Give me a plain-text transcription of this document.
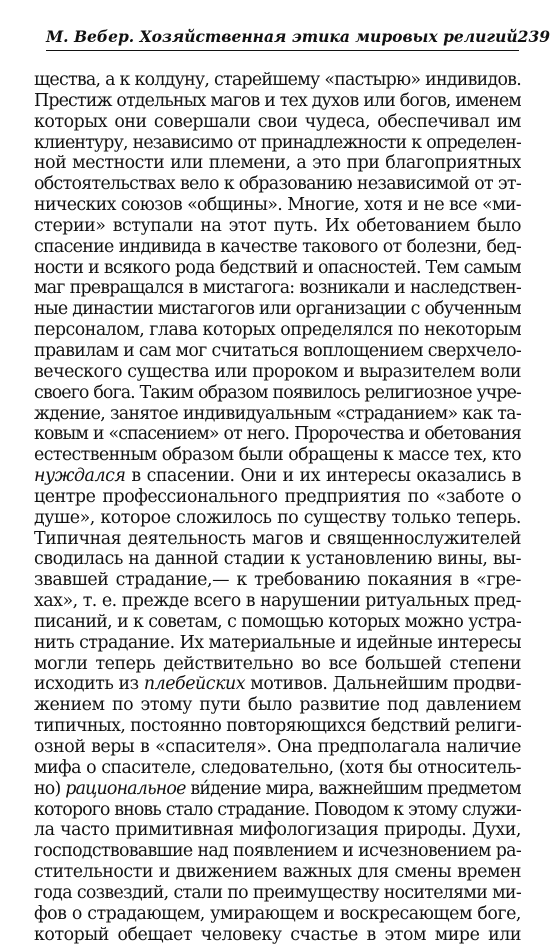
М. Вебер. Хозяйственная этика мировых религий 239
щества, а к колдуну, старейшему «пастырю» индивидов.
Престиж отдельных магов и тех духов или богов, именем
которых они совершали свои чудеса, обеспечивал им
клиентуру, независимо от принадлежности к определен-
ной местности или племени, а это при благоприятных
обстоятельствах вело к образованию независимой от эт-
нических союзов «общины». Многие, хотя и не все «ми-
стерии» вступали на этот путь. Их обетованием было
спасение индивида в качестве такового от болезни, бед-
ности и всякого рода бедствий и опасностей. Тем самым
маг превращался в мистагога: возникали и наследствен-
ные династии мистагогов или организации с обученным
персоналом, глава которых определялся по некоторым
правилам и сам мог считаться воплощением сверхчело-
веческого существа или пророком и выразителем воли
своего бога. Таким образом появилось религиозное учре-
ждение, занятое индивидуальным «страданием» как та-
ковым и «спасением» от него. Пророчества и обетования
естественным образом были обращены к массе тех, кто
нуждался в спасении. Они и их интересы оказались в
центре профессионального предприятия по «заботе о
душе», которое сложилось по существу только теперь.
Типичная деятельность магов и священнослужителей
сводилась на данной стадии к установлению вины, вы-
звавшей страдание,— к требованию покаяния в «гре-
хах», т. е. прежде всего в нарушении ритуальных пред-
писаний, и к советам, с помощью которых можно устра-
нить страдание. Их материальные и идейные интересы
могли теперь действительно во все большей степени
исходить из плебейских мотивов. Дальнейшим продви-
жением по этому пути было развитие под давлением
типичных, постоянно повторяющихся бедствий религи-
озной веры в «спасителя». Она предполагала наличие
мифа о спасителе, следовательно, (хотя бы относитель-
но) рациональное ви́дение мира, важнейшим предметом
которого вновь стало страдание. Поводом к этому служи-
ла часто примитивная мифологизация природы. Духи,
господствовавшие над появлением и исчезновением ра-
стительности и движением важных для смены времен
года созвездий, стали по преимуществу носителями ми-
фов о страдающем, умирающем и воскресающем боге,
который обещает человеку счастье в этом мире или
